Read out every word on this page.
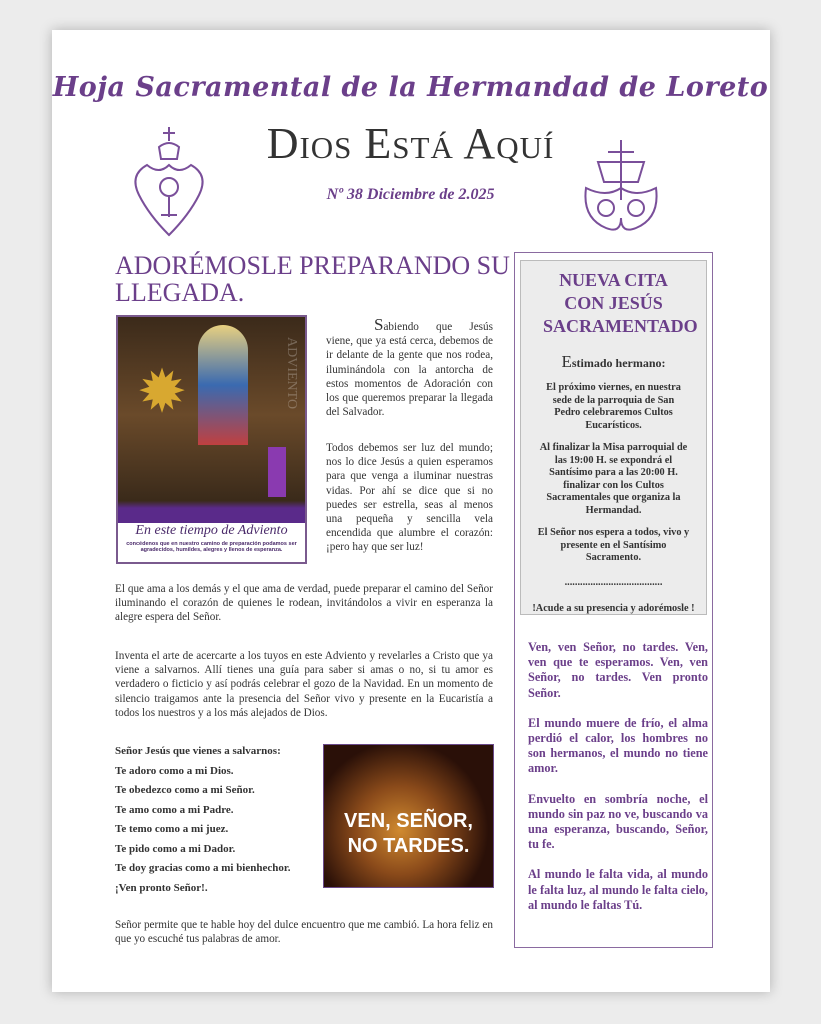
Hoja Sacramental de la Hermandad de Loreto
Dios Está Aquí
Nº 38 Diciembre de 2.025
✹
En este tiempo de Adviento
concédenos que en nuestro camino de preparación podamos ser agradecidos, humildes, alegres y llenos de esperanza.
ADVIENTO
ADORÉMOSLE PREPARANDO SU LLEGADA.
Sabiendo que Jesús viene, que ya está cerca, debemos de ir delante de la gente que nos rodea, iluminándola con la antorcha de estos momentos de Adoración con los que queremos preparar la llegada del Salvador.
Todos debemos ser luz del mundo; nos lo dice Jesús a quien esperamos para que venga a iluminar nuestras vidas. Por ahí se dice que si no puedes ser estrella, seas al menos una pequeña y sencilla vela encendida que alumbre el corazón: ¡pero hay que ser luz!
El que ama a los demás y el que ama de verdad, puede preparar el camino del Señor iluminando el corazón de quienes le rodean, invitándolos a vivir en esperanza la alegre espera del Señor.
Inventa el arte de acercarte a los tuyos en este Adviento y revelarles a Cristo que ya viene a salvarnos. Allí tienes una guía para saber si amas o no, si tu amor es verdadero o ficticio y así podrás celebrar el gozo de la Navidad. En un momento de silencio traigamos ante la presencia del Señor vivo y presente en la Eucaristía a todos los nuestros y a los más alejados de Dios.
Señor Jesús que vienes a salvarnos:
Te adoro como a mi Dios.
Te obedezco como a mi Señor.
Te amo como a mi Padre.
Te temo como a mi juez.
Te pido como a mi Dador.
Te doy gracias como a mi bienhechor.
¡Ven pronto Señor!.
VEN, SEÑOR,
NO TARDES.
Señor permite que te hable hoy del dulce encuentro que me cambió. La hora feliz en que yo escuché tus palabras de amor.
NUEVA CITA CON JESÚS SACRAMENTADO
Estimado hermano:

El próximo viernes, en nuestra sede de la parroquia de San Pedro celebraremos Cultos Eucarísticos.

Al finalizar la Misa parroquial de las 19:00 H. se expondrá el Santísimo para a las 20:00 H. finalizar con los Cultos Sacramentales que organiza la Hermandad.

El Señor nos espera a todos, vivo y presente en el Santísimo Sacramento.

......................................

!Acude a su presencia y adorémosle !

Ven, ven Señor, no tardes. Ven, ven que te esperamos. Ven, ven Señor, no tardes. Ven pronto Señor.

El mundo muere de frío, el alma perdió el calor, los hombres no son hermanos, el mundo no tiene amor.

Envuelto en sombría noche, el mundo sin paz no ve, buscando va una esperanza, buscando, Señor, tu fe.

Al mundo le falta vida, al mundo le falta luz, al mundo le falta cielo, al mundo le faltas Tú.
